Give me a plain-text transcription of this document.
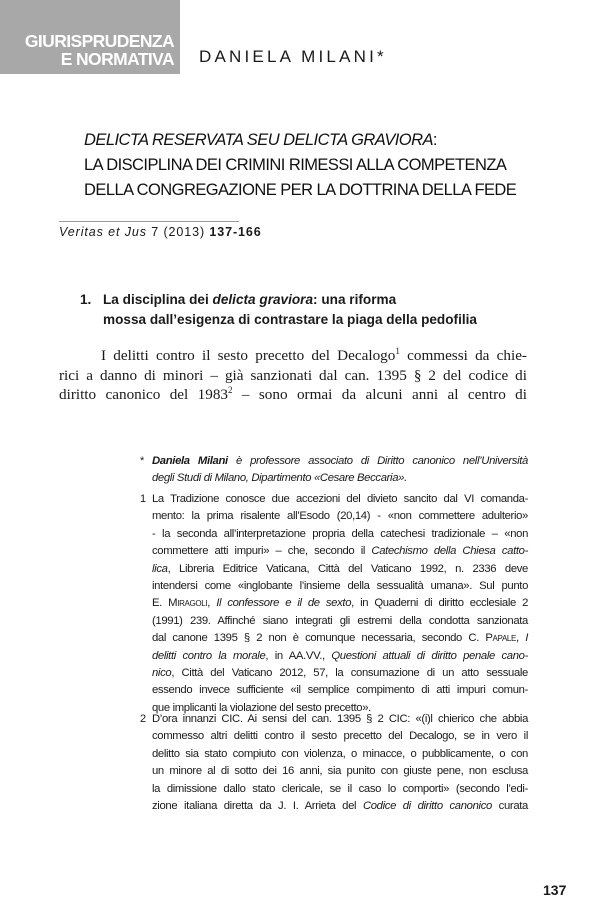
GIURISPRUDENZA
E NORMATIVA DANIELA MILANI*
DELICTA RESERVATA SEU DELICTA GRAVIORA:
LA DISCIPLINA DEI CRIMINI RIMESSI ALLA COMPETENZA
DELLA CONGREGAZIONE PER LA DOTTRINA DELLA FEDE
Veritas et Jus 7 (2013) 137-166
1. La disciplina dei delicta graviora: una riforma
mossa dall’esigenza di contrastare la piaga della pedofilia
I delitti contro il sesto precetto del Decalogo$^1$ commessi da chie-
rici a danno di minori – già sanzionati dal can. 1395 § 2 del codice di
diritto canonico del 1983$^2$ – sono ormai da alcuni anni al centro di
* Daniela Milani è professore associato di Diritto canonico nell’Università
degli Studi di Milano, Dipartimento «Cesare Beccaria».
1 La Tradizione conosce due accezioni del divieto sancito dal VI comanda-
mento: la prima risalente all’Esodo (20,14) - «non commettere adulterio»
- la seconda all’interpretazione propria della catechesi tradizionale – «non
commettere atti impuri» – che, secondo il Catechismo della Chiesa catto-
lica, Libreria Editrice Vaticana, Città del Vaticano 1992, n. 2336 deve
intendersi come «inglobante l’insieme della sessualità umana». Sul punto
E. Miragoli, Il confessore e il de sexto, in Quaderni di diritto ecclesiale 2
(1991) 239. Affinché siano integrati gli estremi della condotta sanzionata
dal canone 1395 § 2 non è comunque necessaria, secondo C. Papale, I
delitti contro la morale, in AA.VV., Questioni attuali di diritto penale cano-
nico, Città del Vaticano 2012, 57, la consumazione di un atto sessuale
essendo invece sufficiente «il semplice compimento di atti impuri comun-
que implicanti la violazione del sesto precetto».
2 D’ora innanzi CIC. Ai sensi del can. 1395 § 2 CIC: «(i)l chierico che abbia
commesso altri delitti contro il sesto precetto del Decalogo, se in vero il
delitto sia stato compiuto con violenza, o minacce, o pubblicamente, o con
un minore al di sotto dei 16 anni, sia punito con giuste pene, non esclusa
la dimissione dallo stato clericale, se il caso lo comporti» (secondo l’edi-
zione italiana diretta da J. I. Arrieta del Codice di diritto canonico curata
137
